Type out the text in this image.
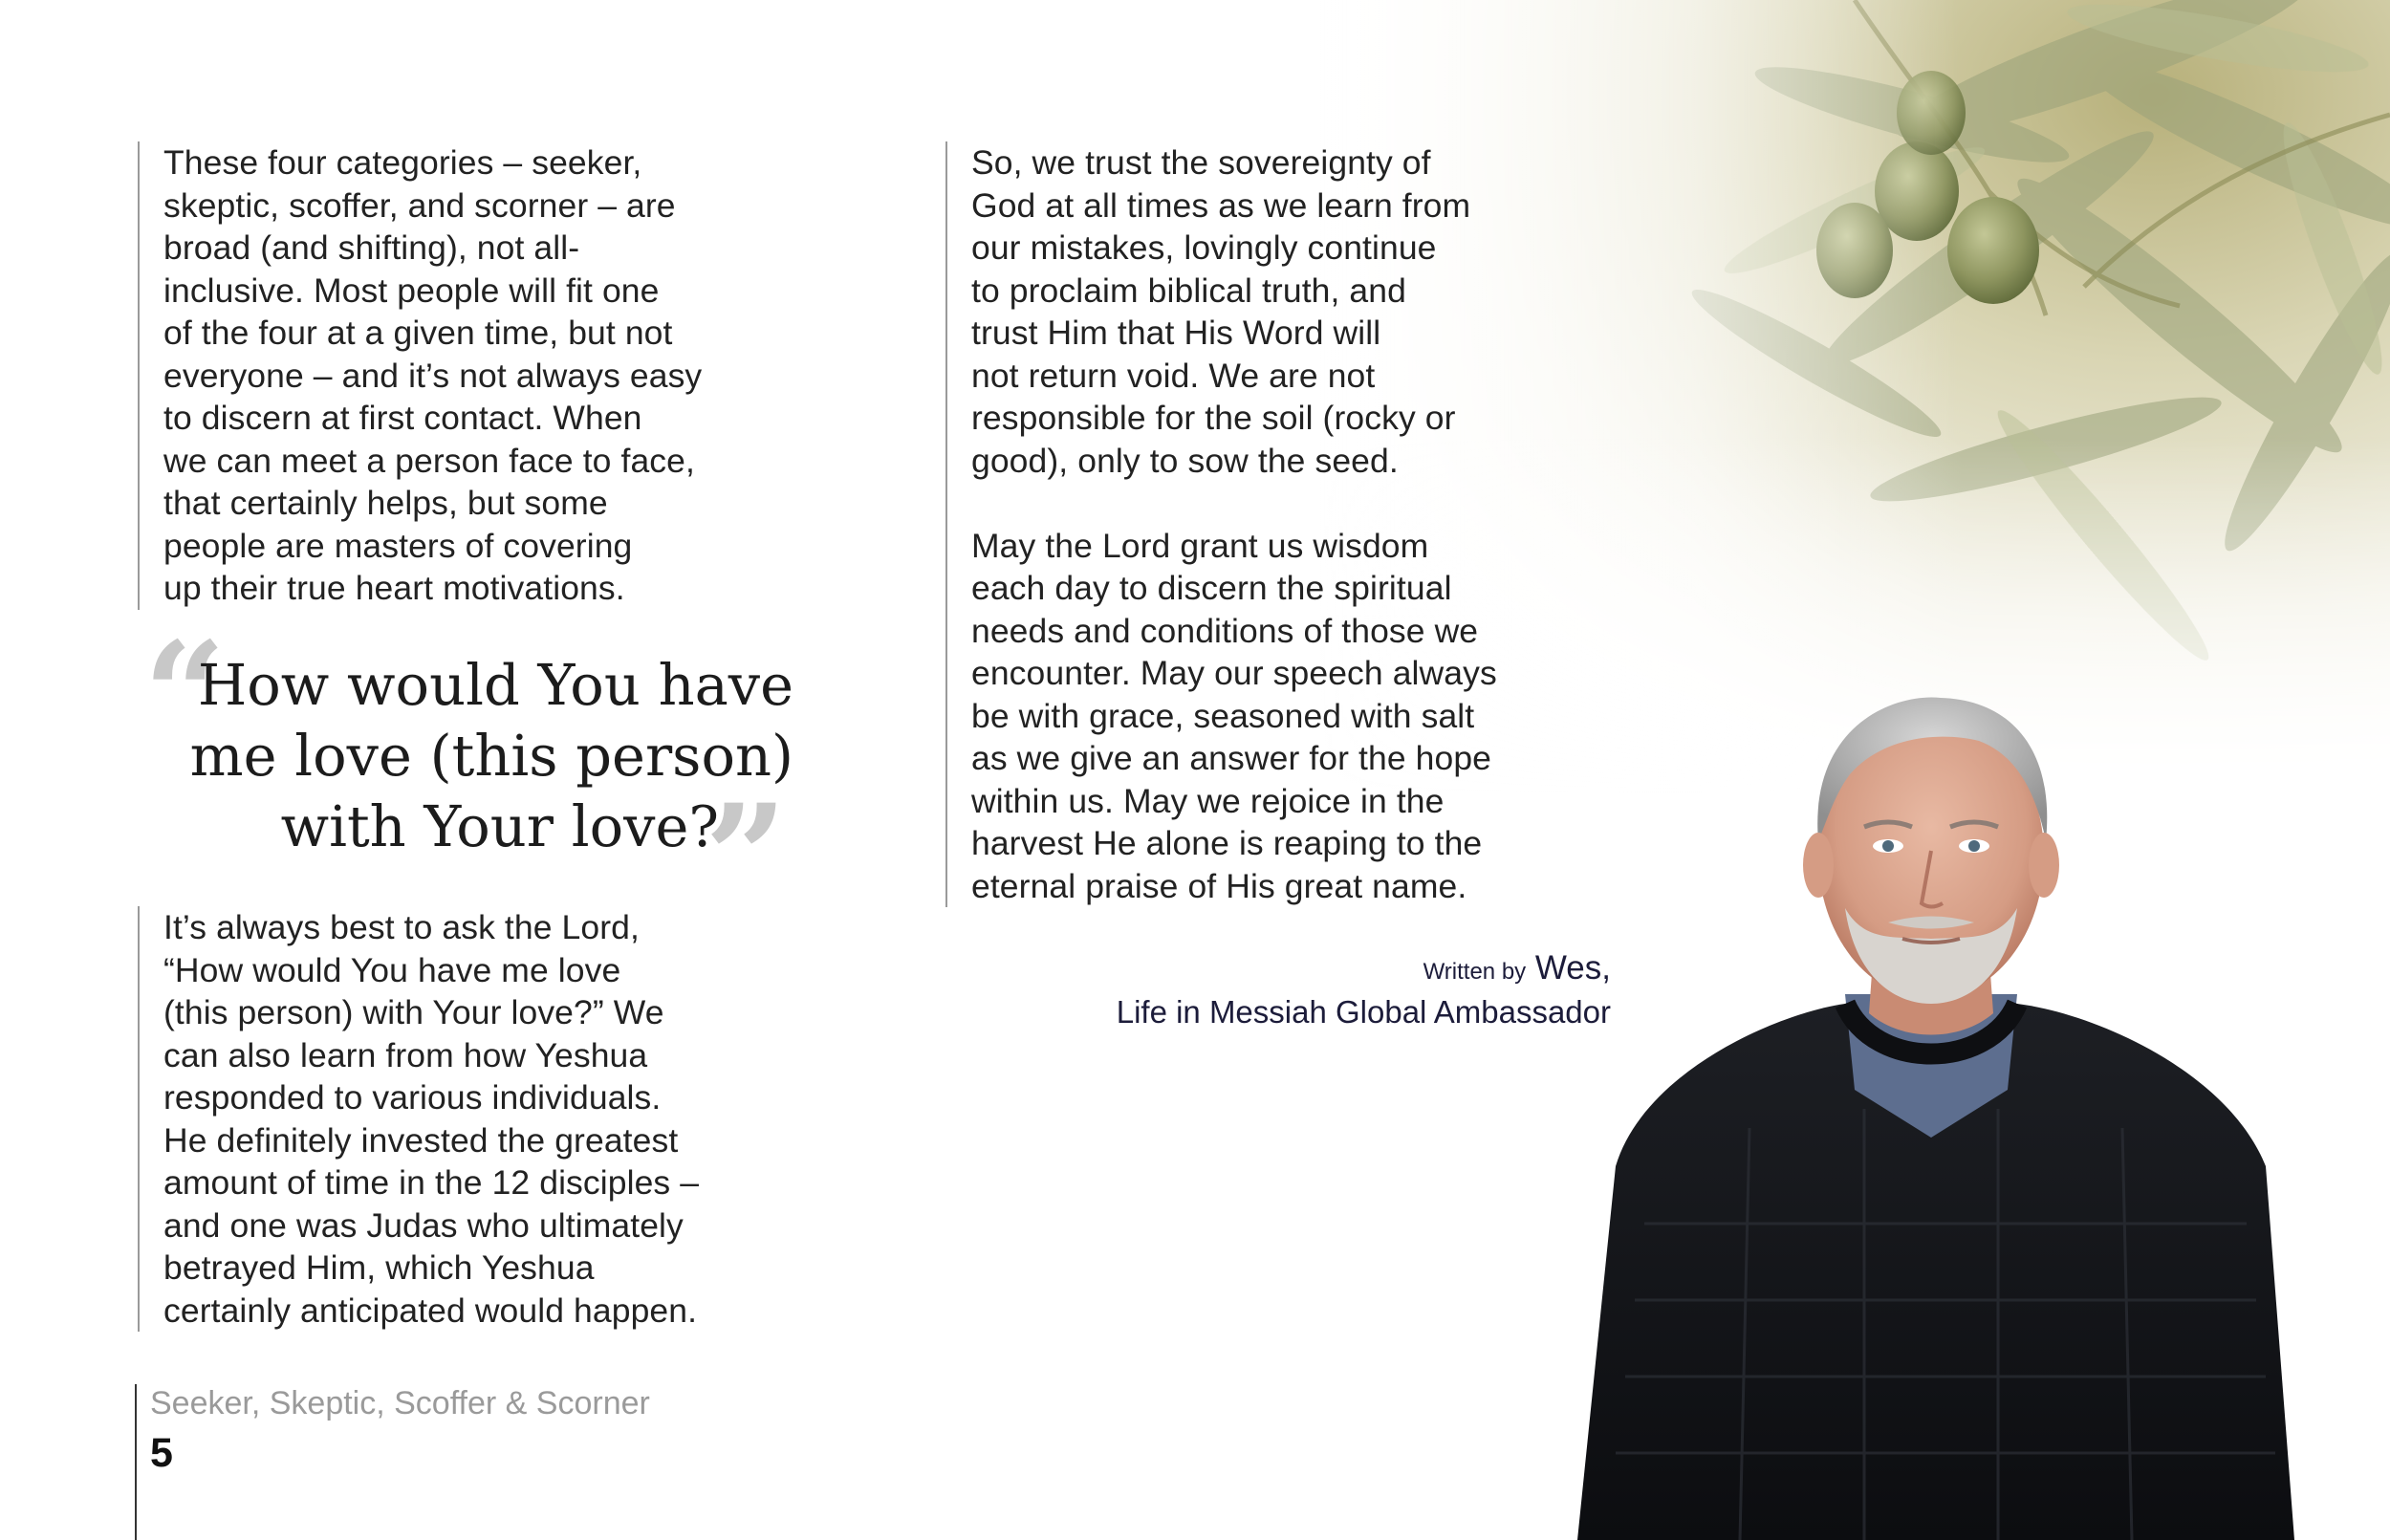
These four categories – seeker,
skeptic, scoffer, and scorner – are
broad (and shifting), not all-
inclusive. Most people will fit one
of the four at a given time, but not
everyone – and it’s not always easy
to discern at first contact. When
we can meet a person face to face,
that certainly helps, but some
people are masters of covering
up their true heart motivations.
“
How would You have
me love (this person)
with Your love?
”
It’s always best to ask the Lord,
“How would You have me love
(this person) with Your love?” We
can also learn from how Yeshua
responded to various individuals.
He definitely invested the greatest
amount of time in the 12 disciples –
and one was Judas who ultimately
betrayed Him, which Yeshua
certainly anticipated would happen.
So, we trust the sovereignty of
God at all times as we learn from
our mistakes, lovingly continue
to proclaim biblical truth, and
trust Him that His Word will
not return void. We are not
responsible for the soil (rocky or
good), only to sow the seed.
May the Lord grant us wisdom
each day to discern the spiritual
needs and conditions of those we
encounter. May our speech always
be with grace, seasoned with salt
as we give an answer for the hope
within us. May we rejoice in the
harvest He alone is reaping to the
eternal praise of His great name.
Written by Wes,
Life in Messiah Global Ambassador
Seeker, Skeptic, Scoffer & Scorner
5
